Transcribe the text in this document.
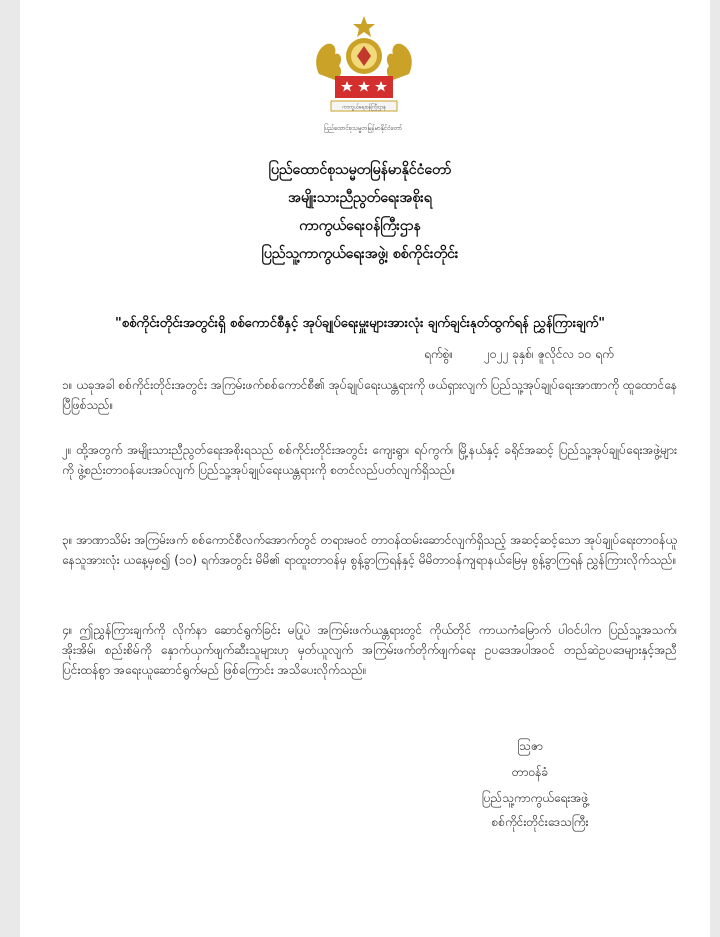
ကာကွယ်ရေးဝန်ကြီးဌာန
ပြည်ထောင်စုသမ္မတမြန်မာနိုင်ငံတော်
ပြည်ထောင်စုသမ္မတမြန်မာနိုင်ငံတော်
အမျိုးသားညီညွတ်ရေးအစိုးရ
ကာကွယ်ရေးဝန်ကြီးဌာန
ပြည်သူ့ကာကွယ်ရေးအဖွဲ့၊ စစ်ကိုင်းတိုင်း
"စစ်ကိုင်းတိုင်းအတွင်းရှိ စစ်ကောင်စီနှင့် အုပ်ချုပ်ရေးမှူးများအားလုံး ချက်ချင်းနုတ်ထွက်ရန် ညွှန်ကြားချက်"
ရက်စွဲ။	၂၀၂၂ ခုနှစ်၊ ဇူလိုင်လ ၁၀ ရက်
၁။ ယခုအခါ စစ်ကိုင်းတိုင်းအတွင်း အကြမ်းဖက်စစ်ကောင်စီ၏ အုပ်ချုပ်ရေးယန္တရားကို ဖယ်ရှားလျက် ပြည်သူ့အုပ်ချုပ်ရေးအာဏာကို ထူထောင်နေပြီဖြစ်သည်။
၂။ ထို့အတွက် အမျိုးသားညီညွတ်ရေးအစိုးရသည် စစ်ကိုင်းတိုင်းအတွင်း ကျေးရွာ၊ ရပ်ကွက်၊ မြို့နယ်နှင့် ခရိုင်အဆင့် ပြည်သူ့အုပ်ချုပ်ရေးအဖွဲ့များကို ဖွဲ့စည်းတာဝန်ပေးအပ်လျက် ပြည်သူ့အုပ်ချုပ်ရေးယန္တရားကို စတင်လည်ပတ်လျက်ရှိသည်။
၃။ အာဏာသိမ်း အကြမ်းဖက် စစ်ကောင်စီလက်အောက်တွင် တရားမဝင် တာဝန်ထမ်းဆောင်လျက်ရှိသည့် အဆင့်ဆင့်သော အုပ်ချုပ်ရေးတာဝန်ယူနေသူအားလုံး ယနေ့မှစ၍ (၁၀) ရက်အတွင်း မိမိ၏ ရာထူးတာဝန်မှ စွန့်ခွာကြရန်နှင့် မိမိတာဝန်ကျရာနယ်မြေမှ စွန့်ခွာကြရန် ညွှန်ကြားလိုက်သည်။
၄။ ဤညွှန်ကြားချက်ကို လိုက်နာ ဆောင်ရွက်ခြင်း မပြုပဲ အကြမ်းဖက်ယန္တရားတွင် ကိုယ်တိုင် ကာယကံမြောက် ပါဝင်ပါက ပြည်သူ့အသက်၊ အိုးအိမ်၊ စည်းစိမ်ကို နှောက်ယှက်ဖျက်ဆီးသူများဟု မှတ်ယူလျက် အကြမ်းဖက်တိုက်ဖျက်ရေး ဥပဒေအပါအဝင် တည်ဆဲဥပဒေများနှင့်အညီ ပြင်းထန်စွာ အရေးယူဆောင်ရွက်မည် ဖြစ်ကြောင်း အသိပေးလိုက်သည်။
သြဇာ
တာဝန်ခံ
ပြည်သူ့ကာကွယ်ရေးအဖွဲ့
စစ်ကိုင်းတိုင်းဒေသကြီး
